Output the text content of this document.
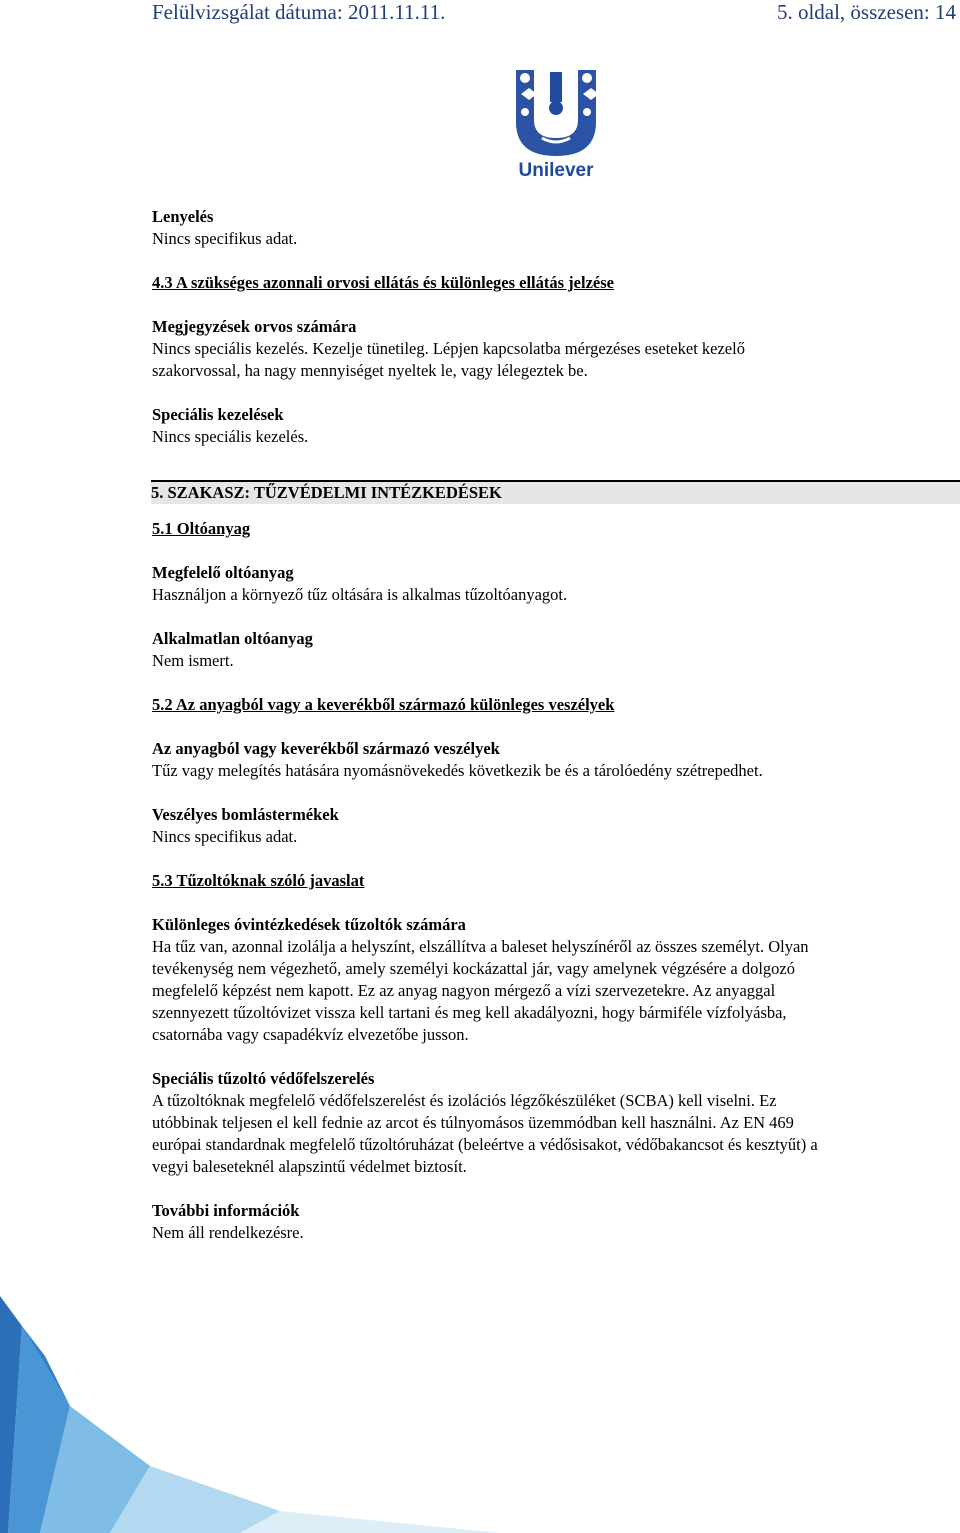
Felülvizsgálat dátuma: 2011.11.11.	5. oldal, összesen: 14
Unilever

Lenyelés

Nincs specifikus adat.

4.3 A szükséges azonnali orvosi ellátás és különleges ellátás jelzése

Megjegyzések orvos számára

Nincs speciális kezelés. Kezelje tünetileg. Lépjen kapcsolatba mérgezéses eseteket kezelő

szakorvossal, ha nagy mennyiséget nyeltek le, vagy lélegeztek be.

Speciális kezelések

Nincs speciális kezelés.

5. SZAKASZ: TŰZVÉDELMI INTÉZKEDÉSEK

5.1 Oltóanyag

Megfelelő oltóanyag

Használjon a környező tűz oltására is alkalmas tűzoltóanyagot.

Alkalmatlan oltóanyag

Nem ismert.

5.2 Az anyagból vagy a keverékből származó különleges veszélyek

Az anyagból vagy keverékből származó veszélyek

Tűz vagy melegítés hatására nyomásnövekedés következik be és a tárolóedény szétrepedhet.

Veszélyes bomlástermékek

Nincs specifikus adat.

5.3 Tűzoltóknak szóló javaslat

Különleges óvintézkedések tűzoltók számára

Ha tűz van, azonnal izolálja a helyszínt, elszállítva a baleset helyszínéről az összes személyt. Olyan

tevékenység nem végezhető, amely személyi kockázattal jár, vagy amelynek végzésére a dolgozó

megfelelő képzést nem kapott. Ez az anyag nagyon mérgező a vízi szervezetekre. Az anyaggal

szennyezett tűzoltóvizet vissza kell tartani és meg kell akadályozni, hogy bármiféle vízfolyásba,

csatornába vagy csapadékvíz elvezetőbe jusson.

Speciális tűzoltó védőfelszerelés

A tűzoltóknak megfelelő védőfelszerelést és izolációs légzőkészüléket (SCBA) kell viselni. Ez

utóbbinak teljesen el kell fednie az arcot és túlnyomásos üzemmódban kell használni. Az EN 469

európai standardnak megfelelő tűzoltóruházat (beleértve a védősisakot, védőbakancsot és kesztyűt) a

vegyi baleseteknél alapszintű védelmet biztosít.

További információk

Nem áll rendelkezésre.
